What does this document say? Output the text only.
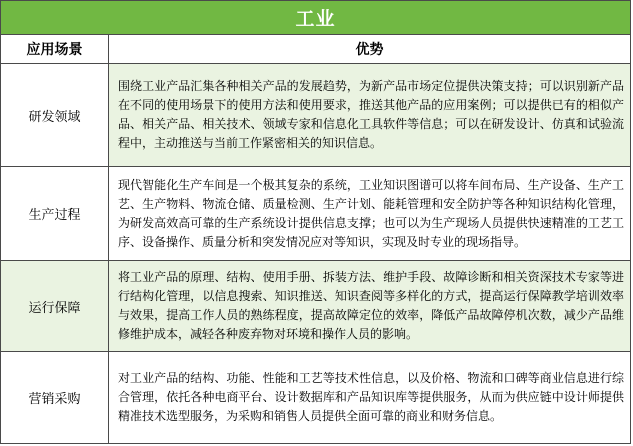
工业
应用场景	优势
研发领域
围绕工业产品汇集各种相关产品的发展趋势，为新产品市场定位提供决策支持；可以识别新产品在不同的使用场景下的使用方法和使用要求，推送其他产品的应用案例；可以提供已有的相似产品、相关产品、相关技术、领域专家和信息化工具软件等信息；可以在研发设计、仿真和试验流程中，主动推送与当前工作紧密相关的知识信息。
生产过程
现代智能化生产车间是一个极其复杂的系统，工业知识图谱可以将车间布局、生产设备、生产工艺、生产物料、物流仓储、质量检测、生产计划、能耗管理和安全防护等各种知识结构化管理，为研发高效高可靠的生产系统设计提供信息支撑；也可以为生产现场人员提供快速精准的工艺工序、设备操作、质量分析和突发情况应对等知识，实现及时专业的现场指导。
运行保障
将工业产品的原理、结构、使用手册、拆装方法、维护手段、故障诊断和相关资深技术专家等进行结构化管理，以信息搜索、知识推送、知识查阅等多样化的方式，提高运行保障教学培训效率与效果，提高工作人员的熟练程度，提高故障定位的效率，降低产品故障停机次数，减少产品维修维护成本，减轻各种废弃物对环境和操作人员的影响。
营销采购
对工业产品的结构、功能、性能和工艺等技术性信息，以及价格、物流和口碑等商业信息进行综合管理，依托各种电商平台、设计数据库和产品知识库等提供服务，从而为供应链中设计师提供精准技术选型服务，为采购和销售人员提供全面可靠的商业和财务信息。
